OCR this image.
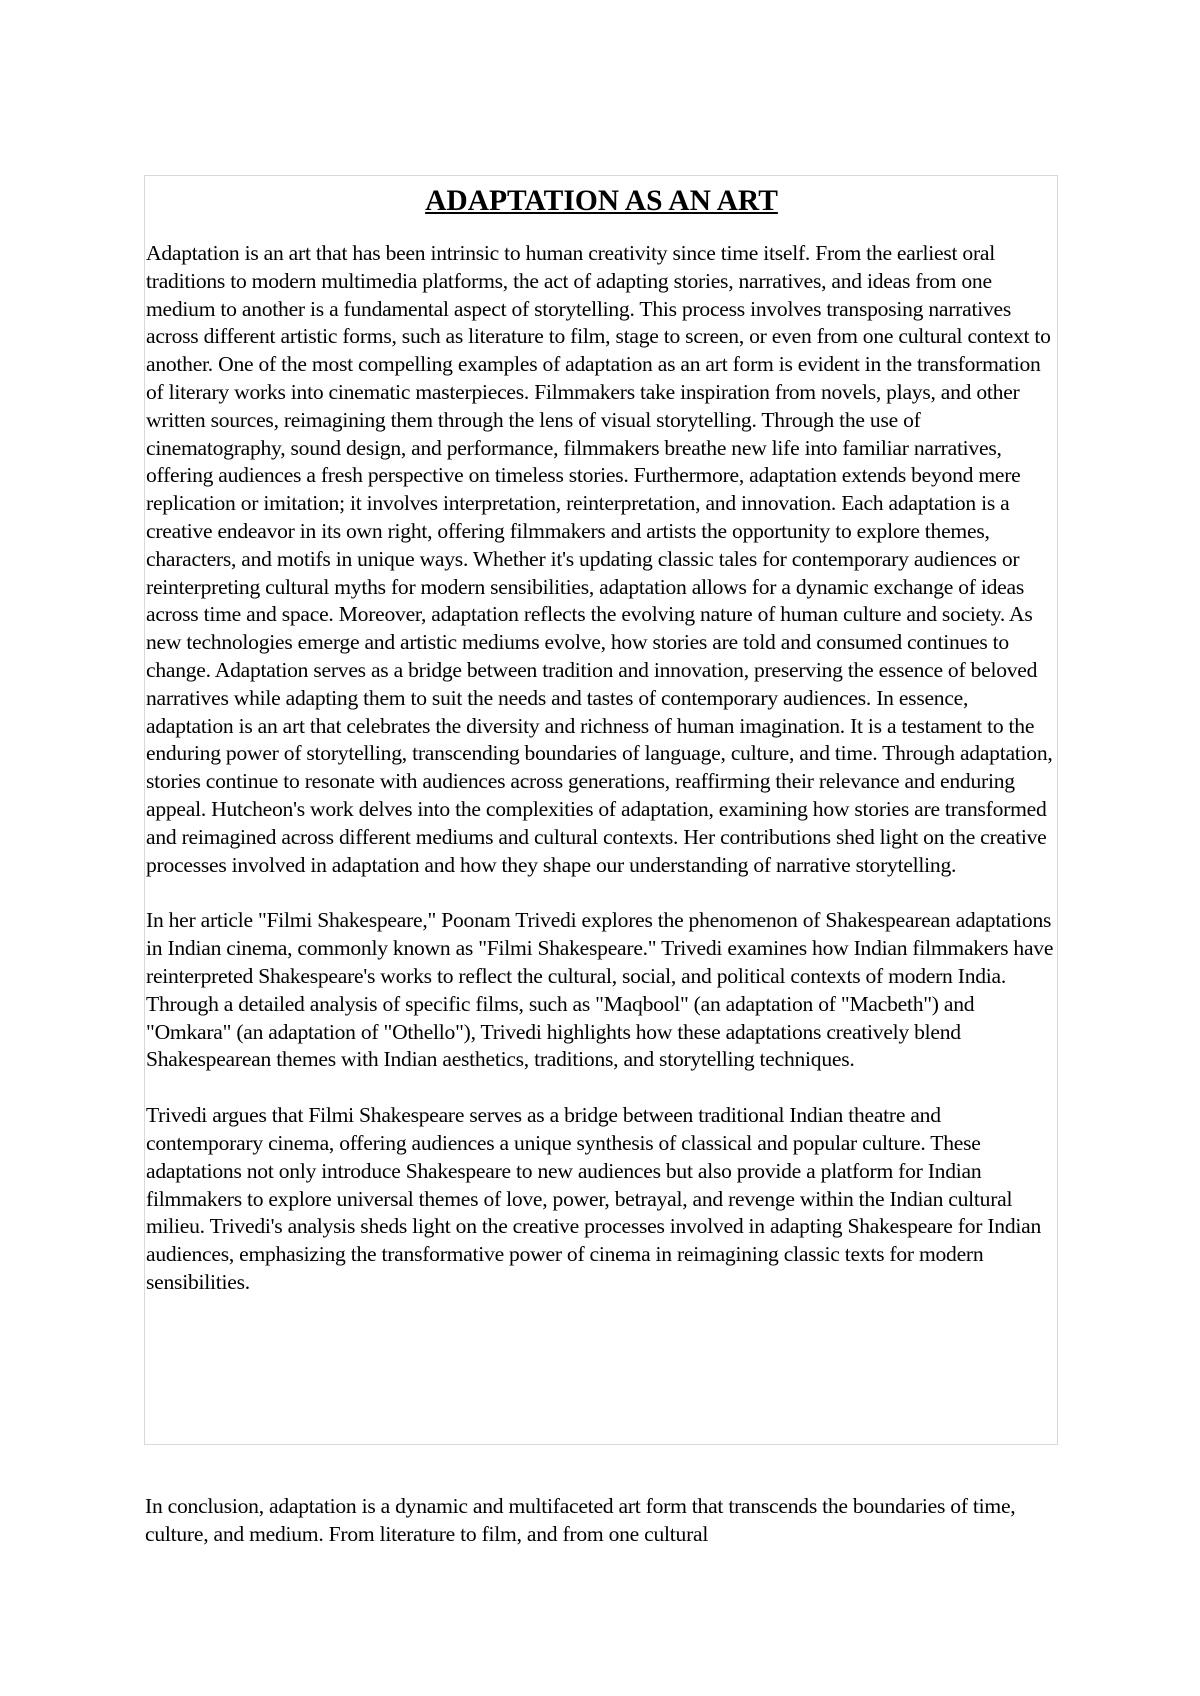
ADAPTATION AS AN ART

Adaptation is an art that has been intrinsic to human creativity since time itself. From the earliest oral traditions to modern multimedia platforms, the act of adapting stories, narratives, and ideas from one medium to another is a fundamental aspect of storytelling. This process involves transposing narratives across different artistic forms, such as literature to film, stage to screen, or even from one cultural context to another. One of the most compelling examples of adaptation as an art form is evident in the transformation of literary works into cinematic masterpieces. Filmmakers take inspiration from novels, plays, and other written sources, reimagining them through the lens of visual storytelling. Through the use of cinematography, sound design, and performance, filmmakers breathe new life into familiar narratives, offering audiences a fresh perspective on timeless stories. Furthermore, adaptation extends beyond mere replication or imitation; it involves interpretation, reinterpretation, and innovation. Each adaptation is a creative endeavor in its own right, offering filmmakers and artists the opportunity to explore themes, characters, and motifs in unique ways. Whether it's updating classic tales for contemporary audiences or reinterpreting cultural myths for modern sensibilities, adaptation allows for a dynamic exchange of ideas across time and space. Moreover, adaptation reflects the evolving nature of human culture and society. As new technologies emerge and artistic mediums evolve, how stories are told and consumed continues to change. Adaptation serves as a bridge between tradition and innovation, preserving the essence of beloved narratives while adapting them to suit the needs and tastes of contemporary audiences. In essence, adaptation is an art that celebrates the diversity and richness of human imagination. It is a testament to the enduring power of storytelling, transcending boundaries of language, culture, and time. Through adaptation, stories continue to resonate with audiences across generations, reaffirming their relevance and enduring appeal. Hutcheon's work delves into the complexities of adaptation, examining how stories are transformed and reimagined across different mediums and cultural contexts. Her contributions shed light on the creative processes involved in adaptation and how they shape our understanding of narrative storytelling.

In her article "Filmi Shakespeare," Poonam Trivedi explores the phenomenon of Shakespearean adaptations in Indian cinema, commonly known as "Filmi Shakespeare." Trivedi examines how Indian filmmakers have reinterpreted Shakespeare's works to reflect the cultural, social, and political contexts of modern India. Through a detailed analysis of specific films, such as "Maqbool" (an adaptation of "Macbeth") and "Omkara" (an adaptation of "Othello"), Trivedi highlights how these adaptations creatively blend Shakespearean themes with Indian aesthetics, traditions, and storytelling techniques.

Trivedi argues that Filmi Shakespeare serves as a bridge between traditional Indian theatre and contemporary cinema, offering audiences a unique synthesis of classical and popular culture. These adaptations not only introduce Shakespeare to new audiences but also provide a platform for Indian filmmakers to explore universal themes of love, power, betrayal, and revenge within the Indian cultural milieu. Trivedi's analysis sheds light on the creative processes involved in adapting Shakespeare for Indian audiences, emphasizing the transformative power of cinema in reimagining classic texts for modern sensibilities.

In conclusion, adaptation is a dynamic and multifaceted art form that transcends the boundaries of time, culture, and medium. From literature to film, and from one cultural
